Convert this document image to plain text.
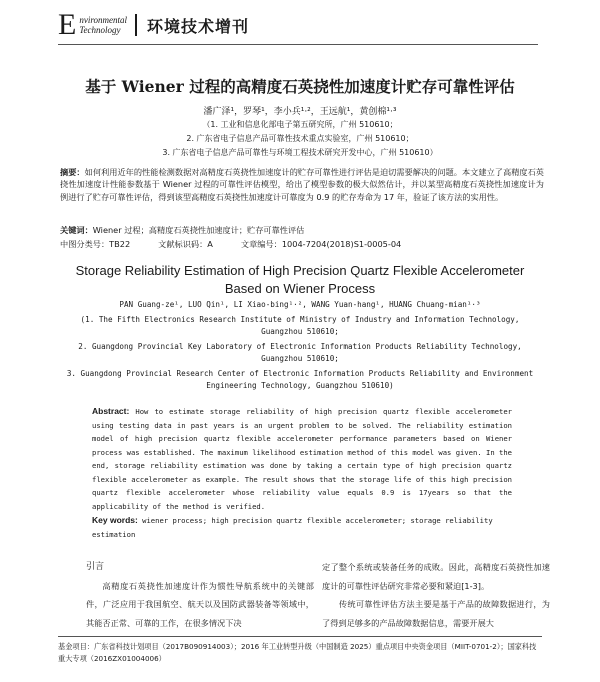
E nvironmental
Technology	环境技术增刊
基于 Wiener 过程的高精度石英挠性加速度计贮存可靠性评估
潘广泽¹，罗琴¹，李小兵¹·²，王远航¹，黄创棉¹·³
（1. 工业和信息化部电子第五研究所，广州 510610；
2. 广东省电子信息产品可靠性技术重点实验室，广州 510610；
3. 广东省电子信息产品可靠性与环境工程技术研究开发中心，广州 510610）
摘要：如何利用近年的性能检测数据对高精度石英挠性加速度计的贮存可靠性进行评估是迫切需要解决的问题。本文建立了高精度石英挠性加速度计性能参数基于 Wiener 过程的可靠性评估模型，给出了模型参数的极大似然估计，并以某型高精度石英挠性加速度计为例进行了贮存可靠性评估，得到该型高精度石英挠性加速度计可靠度为 0.9 的贮存寿命为 17 年，验证了该方法的实用性。
关键词：Wiener 过程；高精度石英挠性加速度计；贮存可靠性评估
中图分类号：TB22	文献标识码：A	文章编号：1004-7204(2018)S1-0005-04
Storage Reliability Estimation of High Precision Quartz Flexible Accelerometer
Based on Wiener Process
PAN Guang-ze¹, LUO Qin¹, LI Xiao-bing¹·², WANG Yuan-hang¹, HUANG Chuang-mian¹·³
(1. The Fifth Electronics Research Institute of Ministry of Industry and Information Technology,
Guangzhou 510610;
2. Guangdong Provincial Key Laboratory of Electronic Information Products Reliability Technology,
Guangzhou 510610;
3. Guangdong Provincial Research Center of Electronic Information Products Reliability and Environment
Engineering Technology, Guangzhou 510610)
Abstract: How to estimate storage reliability of high precision quartz flexible accelerometer using testing data in past years is an urgent problem to be solved. The reliability estimation model of high precision quartz flexible accelerometer performance parameters based on Wiener process was established. The maximum likelihood estimation method of this model was given. In the end, storage reliability estimation was done by taking a certain type of high precision quartz flexible accelerometer as example. The result shows that the storage life of this high precision quartz flexible accelerometer whose reliability value equals 0.9 is 17years so that the applicability of the method is verified.
Key words: wiener process; high precision quartz flexible accelerometer; storage reliability estimation
引言
高精度石英挠性加速度计作为惯性导航系统中的关键部件，广泛应用于我国航空、航天以及国防武器装备等领域中，其能否正常、可靠的工作，在很多情况下决
定了整个系统或装备任务的成败。因此，高精度石英挠性加速度计的可靠性评估研究非常必要和紧迫[1-3]。
　　传统可靠性评估方法主要是基于产品的故障数据进行，为了得到足够多的产品故障数据信息，需要开展大
基金项目：广东省科技计划项目（2017B090914003）；2016 年工业转型升级（中国制造 2025）重点项目中央资金项目（MIIT-0701-2）；国家科技重大专项（2016ZX01004006）
